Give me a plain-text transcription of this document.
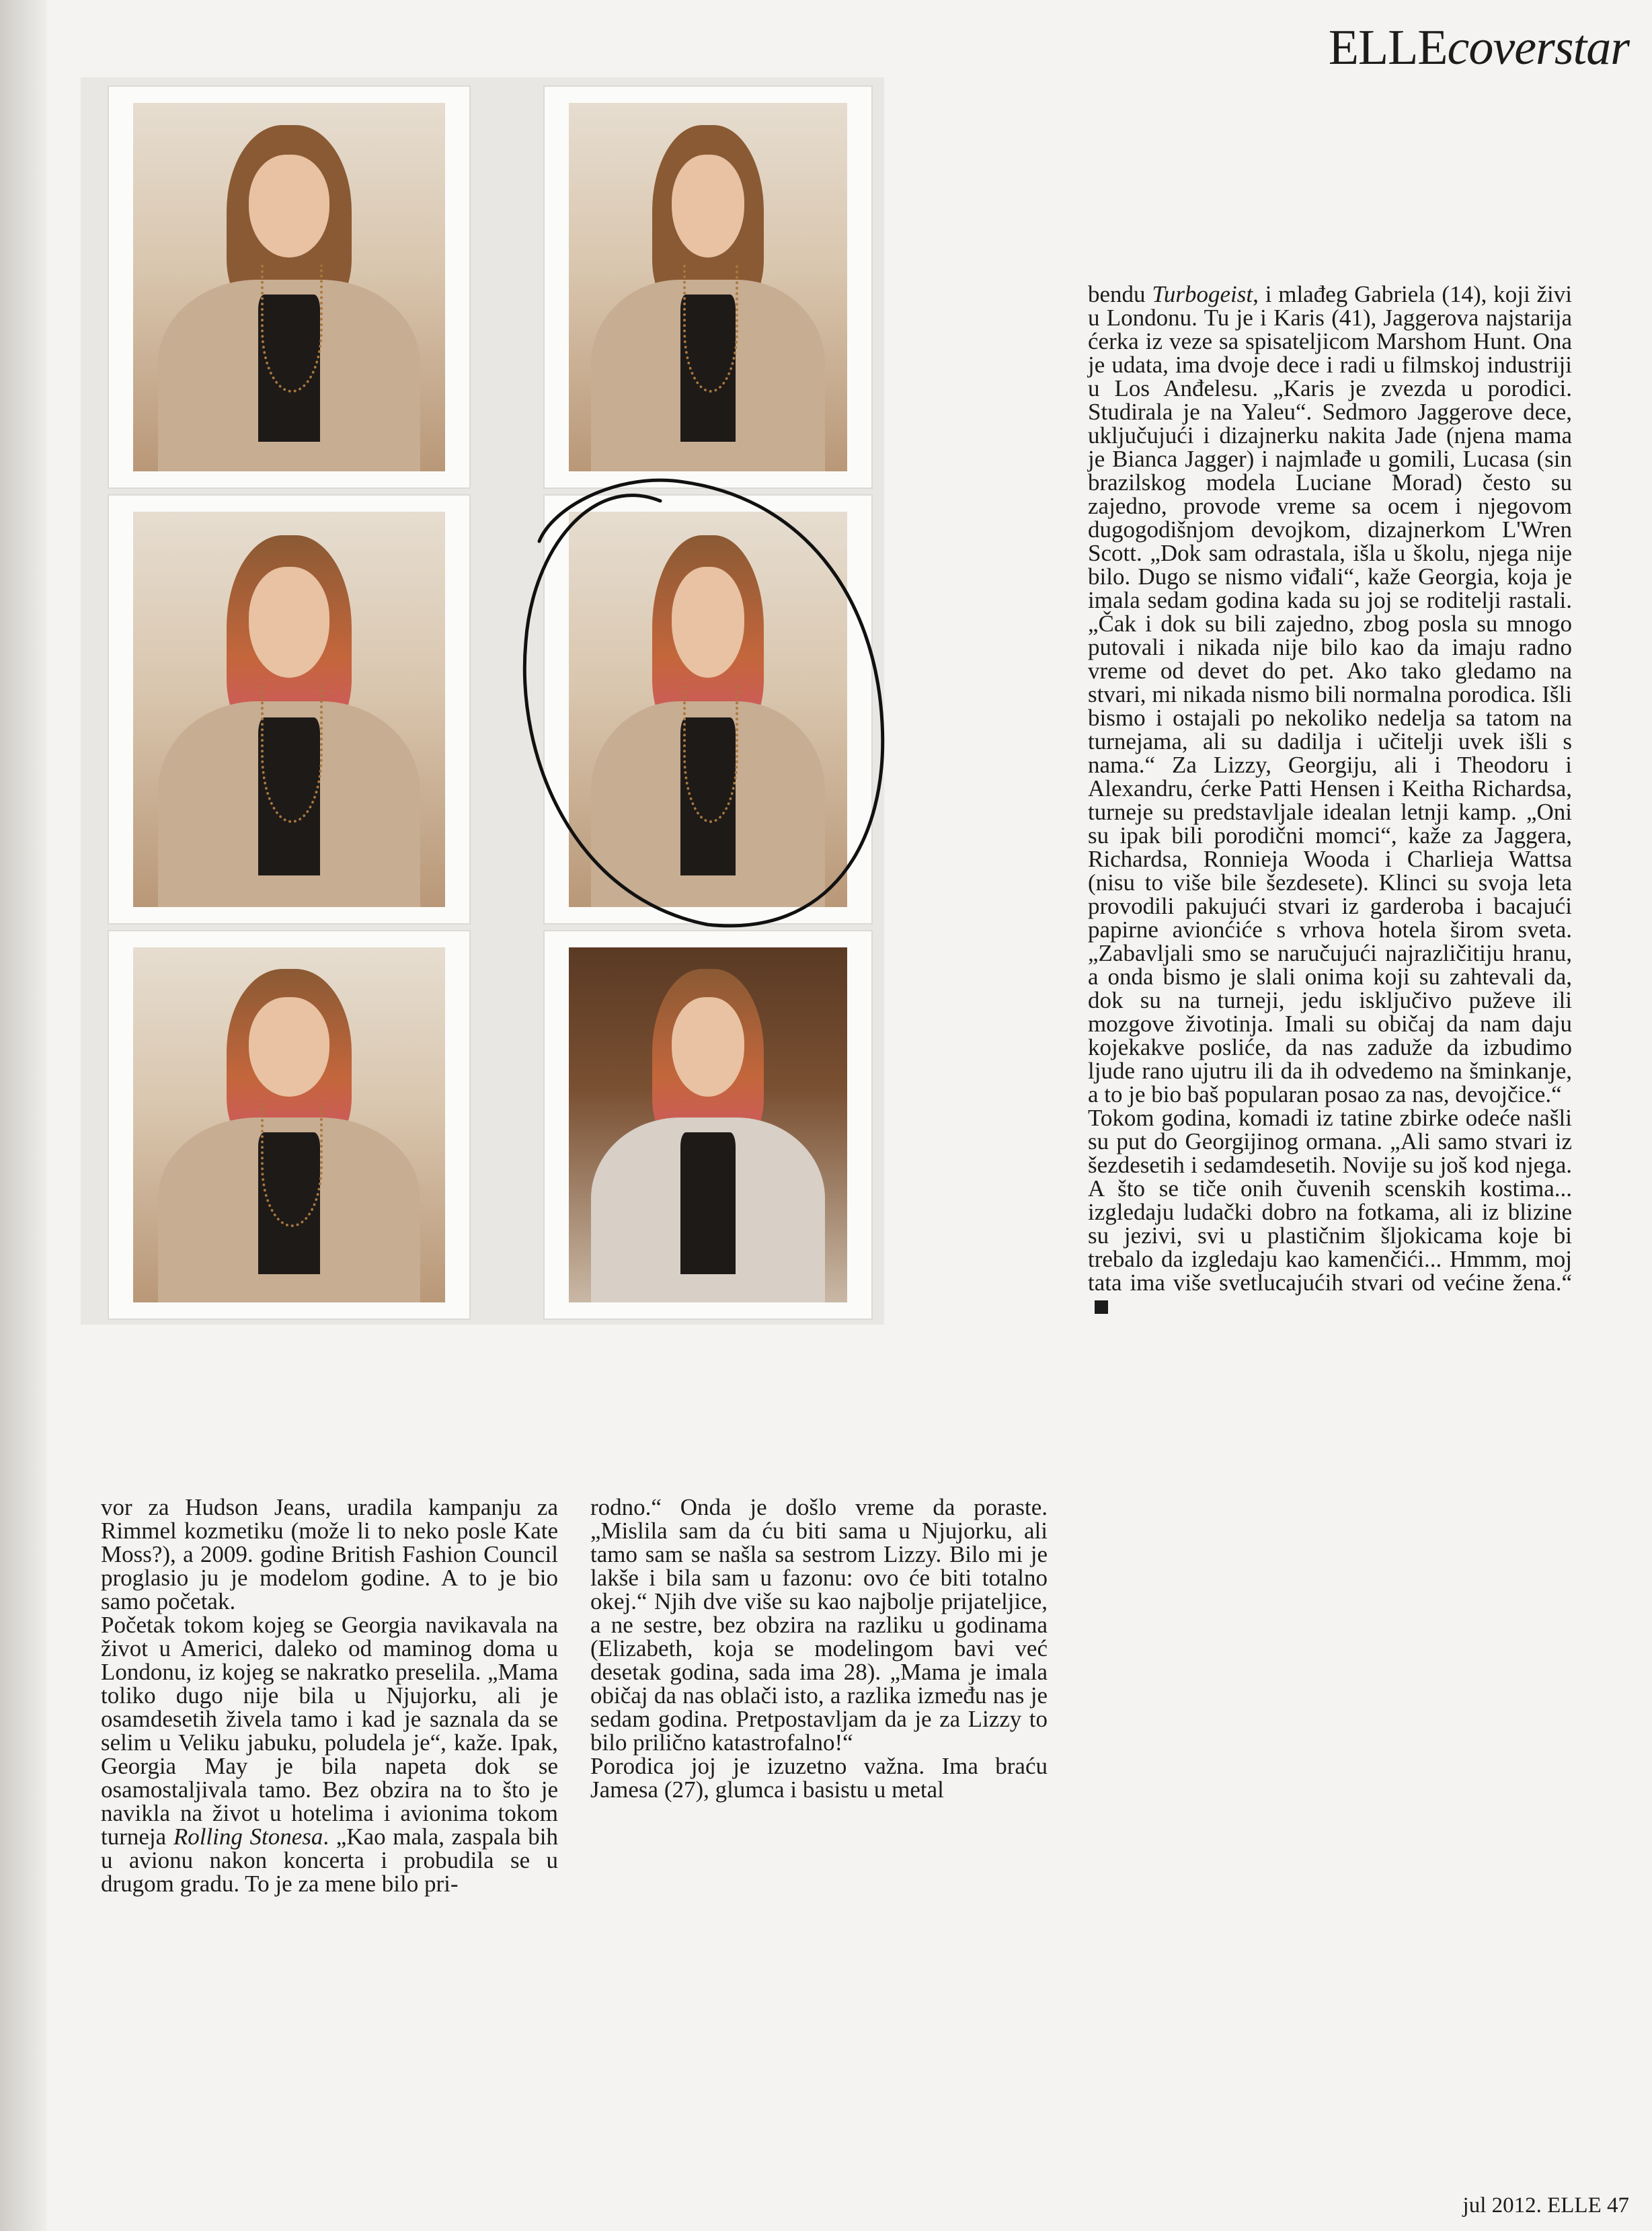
ELLEcoverstar

bendu Turbogeist, i mlađeg Gabriela (14), koji živi u Londonu. Tu je i Karis (41), Jaggerova najstarija ćerka iz veze sa spisateljicom Marshom Hunt. Ona je udata, ima dvoje dece i radi u filmskoj industriji u Los Anđelesu. „Karis je zvezda u porodici. Studirala je na Yaleu“. Sedmoro Jaggerove dece, uključujući i dizajnerku nakita Jade (njena mama je Bianca Jagger) i najmlađe u gomili, Lucasa (sin brazilskog modela Luciane Morad) često su zajedno, provode vreme sa ocem i njegovom dugogodišnjom devojkom, dizajnerkom L'Wren Scott. „Dok sam odrastala, išla u školu, njega nije bilo. Dugo se nismo viđali“, kaže Georgia, koja je imala sedam godina kada su joj se roditelji rastali. „Čak i dok su bili zajedno, zbog posla su mnogo putovali i nikada nije bilo kao da imaju radno vreme od devet do pet. Ako tako gledamo na stvari, mi nikada nismo bili normalna porodica. Išli bismo i ostajali po nekoliko nedelja sa tatom na turnejama, ali su dadilja i učitelji uvek išli s nama.“ Za Lizzy, Georgiju, ali i Theodoru i Alexandru, ćerke Patti Hensen i Keitha Richardsa, turneje su predstavljale idealan letnji kamp. „Oni su ipak bili porodični momci“, kaže za Jaggera, Richardsa, Ronnieja Wooda i Charlieja Wattsa (nisu to više bile šezdesete). Klinci su svoja leta provodili pakujući stvari iz garderoba i bacajući papirne avionćiće s vrhova hotela širom sveta. „Zabavljali smo se naručujući najrazličitiju hranu, a onda bismo je slali onima koji su zahtevali da, dok su na turneji, jedu isključivo puževe ili mozgove životinja. Imali su običaj da nam daju kojekakve posliće, da nas zaduže da izbudimo ljude rano ujutru ili da ih odvedemo na šminkanje, a to je bio baš popularan posao za nas, devojčice.“

Tokom godina, komadi iz tatine zbirke odeće našli su put do Georgijinog ormana. „Ali samo stvari iz šezdesetih i sedamdesetih. Novije su još kod njega. A što se tiče onih čuvenih scenskih kostima... izgledaju ludački dobro na fotkama, ali iz blizine su jezivi, svi u plastičnim šljokicama koje bi trebalo da izgledaju kao kamenčići... Hmmm, moj tata ima više svetlucajućih stvari od većine žena.“

vor za Hudson Jeans, uradila kampanju za Rimmel kozmetiku (može li to neko posle Kate Moss?), a 2009. godine British Fashion Council proglasio ju je modelom godine. A to je bio samo početak.

Početak tokom kojeg se Georgia navikavala na život u Americi, daleko od maminog doma u Londonu, iz kojeg se nakratko preselila. „Mama toliko dugo nije bila u Njujorku, ali je osamdesetih živela tamo i kad je saznala da se selim u Veliku jabuku, poludela je“, kaže. Ipak, Georgia May je bila napeta dok se osamostaljivala tamo. Bez obzira na to što je navikla na život u hotelima i avionima tokom turneja Rolling Stonesa. „Kao mala, zaspala bih u avionu nakon koncerta i probudila se u drugom gradu. To je za mene bilo pri-

rodno.“ Onda je došlo vreme da poraste. „Mislila sam da ću biti sama u Njujorku, ali tamo sam se našla sa sestrom Lizzy. Bilo mi je lakše i bila sam u fazonu: ovo će biti totalno okej.“ Njih dve više su kao najbolje prijateljice, a ne sestre, bez obzira na razliku u godinama (Elizabeth, koja se modelingom bavi već desetak godina, sada ima 28). „Mama je imala običaj da nas oblači isto, a razlika između nas je sedam godina. Pretpostavljam da je za Lizzy to bilo prilično katastrofalno!“

Porodica joj je izuzetno važna. Ima braću Jamesa (27), glumca i basistu u metal

jul 2012. ELLE 47
